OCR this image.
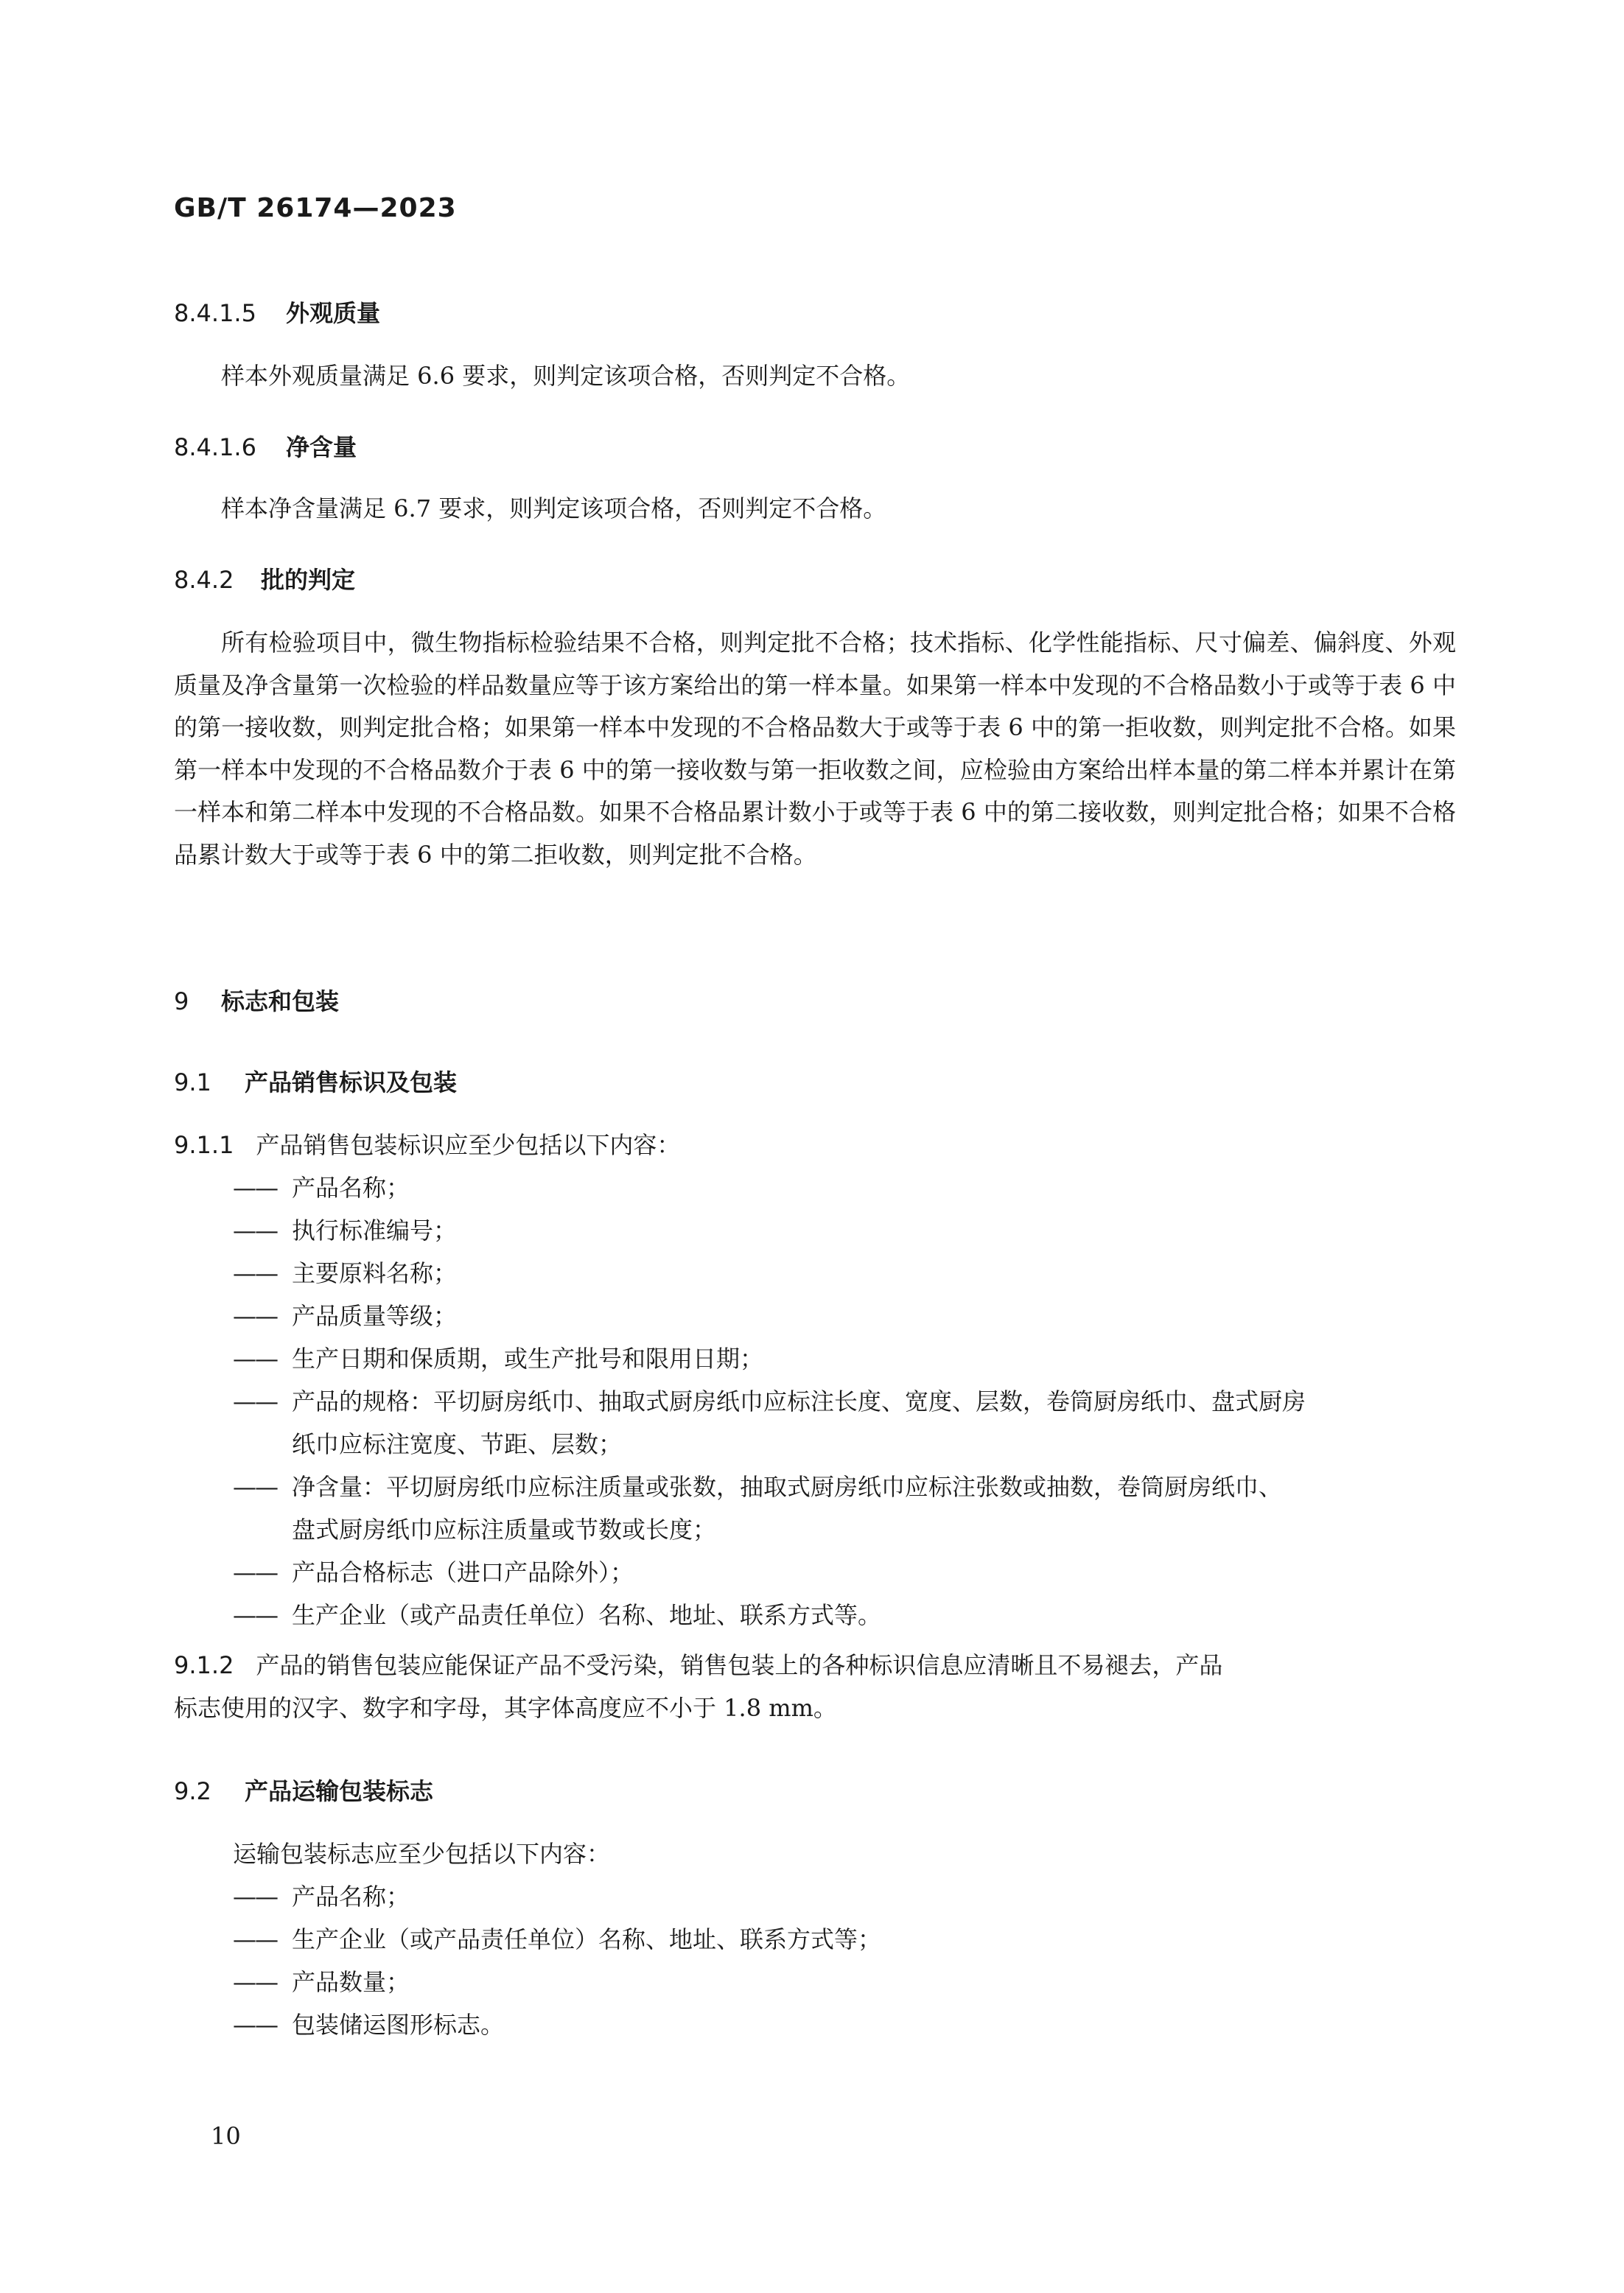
GB/T 26174—2023
8.4.1.5 外观质量
样本外观质量满足 6.6 要求，则判定该项合格，否则判定不合格。
8.4.1.6 净含量
样本净含量满足 6.7 要求，则判定该项合格，否则判定不合格。
8.4.2 批的判定
所有检验项目中，微生物指标检验结果不合格，则判定批不合格；技术指标、化学性能指标、尺寸偏差、偏斜度、外观质量及净含量第一次检验的样品数量应等于该方案给出的第一样本量。如果第一样本中发现的不合格品数小于或等于表 6 中的第一接收数，则判定批合格；如果第一样本中发现的不合格品数大于或等于表 6 中的第一拒收数，则判定批不合格。如果第一样本中发现的不合格品数介于表 6 中的第一接收数与第一拒收数之间，应检验由方案给出样本量的第二样本并累计在第一样本和第二样本中发现的不合格品数。如果不合格品累计数小于或等于表 6 中的第二接收数，则判定批合格；如果不合格品累计数大于或等于表 6 中的第二拒收数，则判定批不合格。
9 标志和包装
9.1 产品销售标识及包装
9.1.1 产品销售包装标识应至少包括以下内容：
—— 产品名称；
—— 执行标准编号；
—— 主要原料名称；
—— 产品质量等级；
—— 生产日期和保质期，或生产批号和限用日期；
—— 产品的规格：平切厨房纸巾、抽取式厨房纸巾应标注长度、宽度、层数，卷筒厨房纸巾、盘式厨房
纸巾应标注宽度、节距、层数；
—— 净含量：平切厨房纸巾应标注质量或张数，抽取式厨房纸巾应标注张数或抽数，卷筒厨房纸巾、
盘式厨房纸巾应标注质量或节数或长度；
—— 产品合格标志（进口产品除外）；
—— 生产企业（或产品责任单位）名称、地址、联系方式等。
9.1.2 产品的销售包装应能保证产品不受污染，销售包装上的各种标识信息应清晰且不易褪去，产品
标志使用的汉字、数字和字母，其字体高度应不小于 1.8 mm。
9.2 产品运输包装标志
运输包装标志应至少包括以下内容：
—— 产品名称；
—— 生产企业（或产品责任单位）名称、地址、联系方式等；
—— 产品数量；
—— 包装储运图形标志。
10
